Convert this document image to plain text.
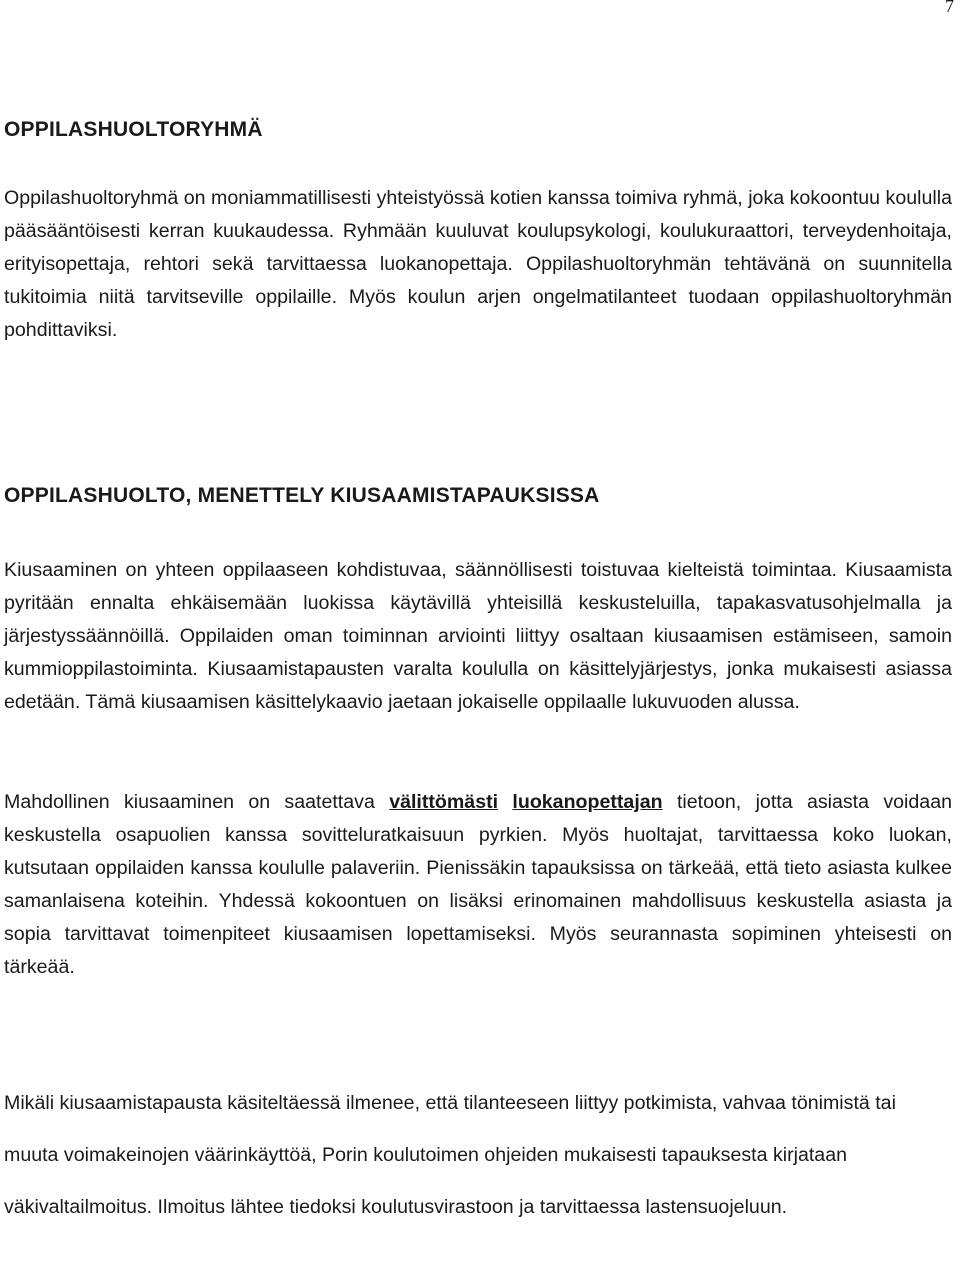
7
OPPILASHUOLTORYHMÄ

Oppilashuoltoryhmä on moniammatillisesti yhteistyössä kotien kanssa toimiva ryhmä, joka kokoontuu koululla pääsääntöisesti kerran kuukaudessa. Ryhmään kuuluvat koulupsykologi, koulukuraattori, terveydenhoitaja, erityisopettaja, rehtori sekä tarvittaessa luokanopettaja. Oppilashuoltoryhmän tehtävänä on suunnitella tukitoimia niitä tarvitseville oppilaille. Myös koulun arjen ongelmatilanteet tuodaan oppilashuoltoryhmän pohdittaviksi.

OPPILASHUOLTO, MENETTELY KIUSAAMISTAPAUKSISSA

Kiusaaminen on yhteen oppilaaseen kohdistuvaa, säännöllisesti toistuvaa kielteistä toimintaa. Kiusaamista pyritään ennalta ehkäisemään luokissa käytävillä yhteisillä keskusteluilla, tapakasvatusohjelmalla ja järjestyssäännöillä. Oppilaiden oman toiminnan arviointi liittyy osaltaan kiusaamisen estämiseen, samoin kummioppilastoiminta. Kiusaamistapausten varalta koululla on käsittelyjärjestys, jonka mukaisesti asiassa edetään. Tämä kiusaamisen käsittelykaavio jaetaan jokaiselle oppilaalle lukuvuoden alussa.

Mahdollinen kiusaaminen on saatettava välittömästi luokanopettajan tietoon, jotta asiasta voidaan keskustella osapuolien kanssa sovitteluratkaisuun pyrkien. Myös huoltajat, tarvittaessa koko luokan, kutsutaan oppilaiden kanssa koululle palaveriin. Pienissäkin tapauksissa on tärkeää, että tieto asiasta kulkee samanlaisena koteihin. Yhdessä kokoontuen on lisäksi erinomainen mahdollisuus keskustella asiasta ja sopia tarvittavat toimenpiteet kiusaamisen lopettamiseksi. Myös seurannasta sopiminen yhteisesti on tärkeää.

Mikäli kiusaamistapausta käsiteltäessä ilmenee, että tilanteeseen liittyy potkimista, vahvaa tönimistä tai muuta voimakeinojen väärinkäyttöä, Porin koulutoimen ohjeiden mukaisesti tapauksesta kirjataan väkivaltailmoitus. Ilmoitus lähtee tiedoksi koulutusvirastoon ja tarvittaessa lastensuojeluun.
